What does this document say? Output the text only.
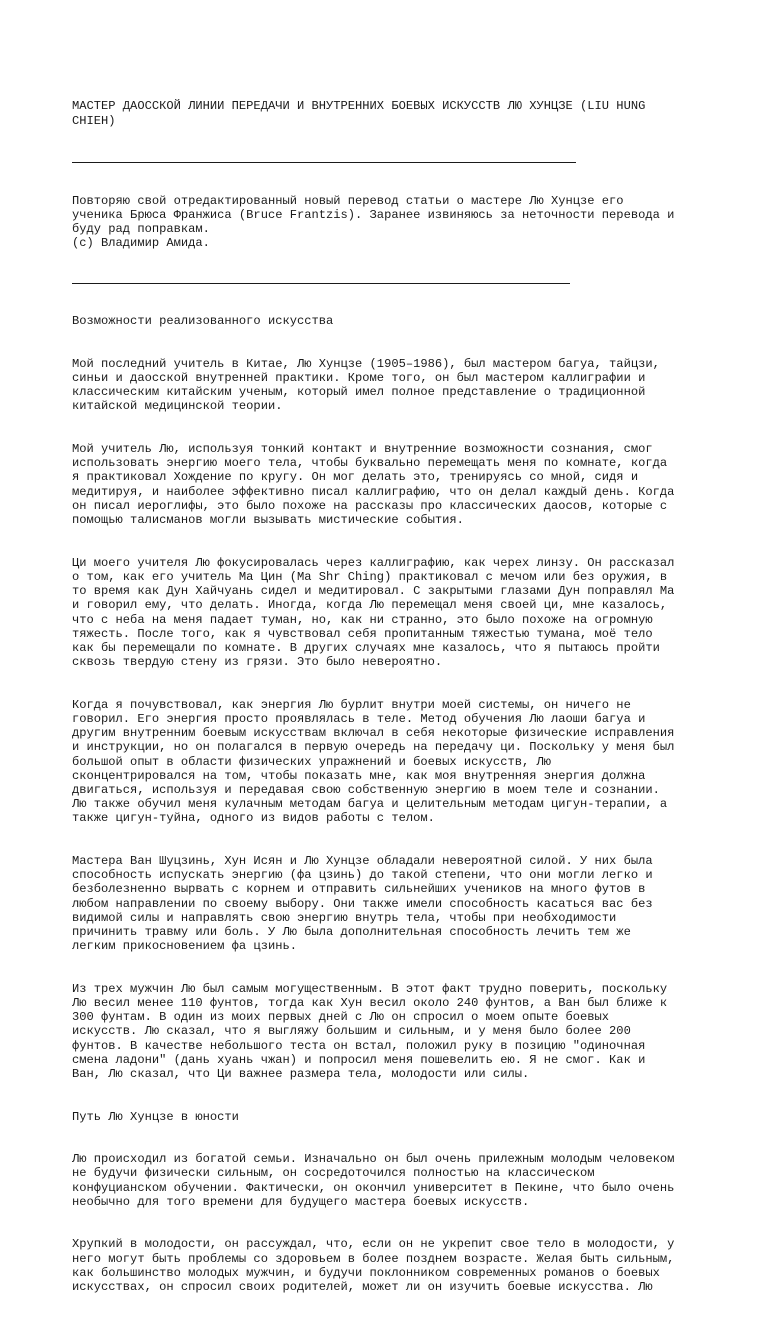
МАСТЕР ДАОССКОЙ ЛИНИИ ПЕРЕДАЧИ И ВНУТРЕННИХ БОЕВЫХ ИСКУССТВ ЛЮ ХУНЦЗЕ (LIU HUNG
CHIEH)

Повторяю свой отредактированный новый перевод статьи о мастере Лю Хунцзе его
ученика Брюса Франжиса (Bruce Frantzis). Заранее извиняюсь за неточности перевода и
буду рад поправкам.
(с) Владимир Амида.

Возможности реализованного искусства

Мой последний учитель в Китае, Лю Хунцзе (1905–1986), был мастером багуа, тайцзи,
синьи и даосской внутренней практики. Кроме того, он был мастером каллиграфии и
классическим китайским ученым, который имел полное представление о традиционной
китайской медицинской теории.

Мой учитель Лю, используя тонкий контакт и внутренние возможности сознания, смог
использовать энергию моего тела, чтобы буквально перемещать меня по комнате, когда
я практиковал Хождение по кругу. Он мог делать это, тренируясь со мной, сидя и
медитируя, и наиболее эффективно писал каллиграфию, что он делал каждый день. Когда
он писал иероглифы, это было похоже на рассказы про классических даосов, которые с
помощью талисманов могли вызывать мистические события.

Ци моего учителя Лю фокусировалась через каллиграфию, как черех линзу. Он рассказал
о том, как его учитель Ма Цин (Ma Shr Ching) практиковал с мечом или без оружия, в
то время как Дун Хайчуань сидел и медитировал. С закрытыми глазами Дун поправлял Ма
и говорил ему, что делать. Иногда, когда Лю перемещал меня своей ци, мне казалось,
что с неба на меня падает туман, но, как ни странно, это было похоже на огромную
тяжесть. После того, как я чувствовал себя пропитанным тяжестью тумана, моё тело
как бы перемещали по комнате. В других случаях мне казалось, что я пытаюсь пройти
сквозь твердую стену из грязи. Это было невероятно.

Когда я почувствовал, как энергия Лю бурлит внутри моей системы, он ничего не
говорил. Его энергия просто проявлялась в теле. Метод обучения Лю лаоши багуа и
другим внутренним боевым искусствам включал в себя некоторые физические исправления
и инструкции, но он полагался в первую очередь на передачу ци. Поскольку у меня был
большой опыт в области физических упражнений и боевых искусств, Лю
сконцентрировался на том, чтобы показать мне, как моя внутренняя энергия должна
двигаться, используя и передавая свою собственную энергию в моем теле и сознании.
Лю также обучил меня кулачным методам багуа и целительным методам цигун-терапии, а
также цигун-туйна, одного из видов работы с телом.

Мастера Ван Шуцзинь, Хун Исян и Лю Хунцзе обладали невероятной силой. У них была
способность испускать энергию (фа цзинь) до такой степени, что они могли легко и
безболезненно вырвать с корнем и отправить сильнейших учеников на много футов в
любом направлении по своему выбору. Они также имели способность касаться вас без
видимой силы и направлять свою энергию внутрь тела, чтобы при необходимости
причинить травму или боль. У Лю была дополнительная способность лечить тем же
легким прикосновением фа цзинь.

Из трех мужчин Лю был самым могущественным. В этот факт трудно поверить, поскольку
Лю весил менее 110 фунтов, тогда как Хун весил около 240 фунтов, а Ван был ближе к
300 фунтам. В один из моих первых дней с Лю он спросил о моем опыте боевых
искусств. Лю сказал, что я выгляжу большим и сильным, и у меня было более 200
фунтов. В качестве небольшого теста он встал, положил руку в позицию "одиночная
смена ладони" (дань хуань чжан) и попросил меня пошевелить ею. Я не смог. Как и
Ван, Лю сказал, что Ци важнее размера тела, молодости или силы.

Путь Лю Хунцзе в юности

Лю происходил из богатой семьи. Изначально он был очень прилежным молодым человеком
не будучи физически сильным, он сосредоточился полностью на классическом
конфуцианском обучении. Фактически, он окончил университет в Пекине, что было очень
необычно для того времени для будущего мастера боевых искусств.

Хрупкий в молодости, он рассуждал, что, если он не укрепит свое тело в молодости, у
него могут быть проблемы со здоровьем в более позднем возрасте. Желая быть сильным,
как большинство молодых мужчин, и будучи поклонником современных романов о боевых
искусствах, он спросил своих родителей, может ли он изучить боевые искусства. Лю
